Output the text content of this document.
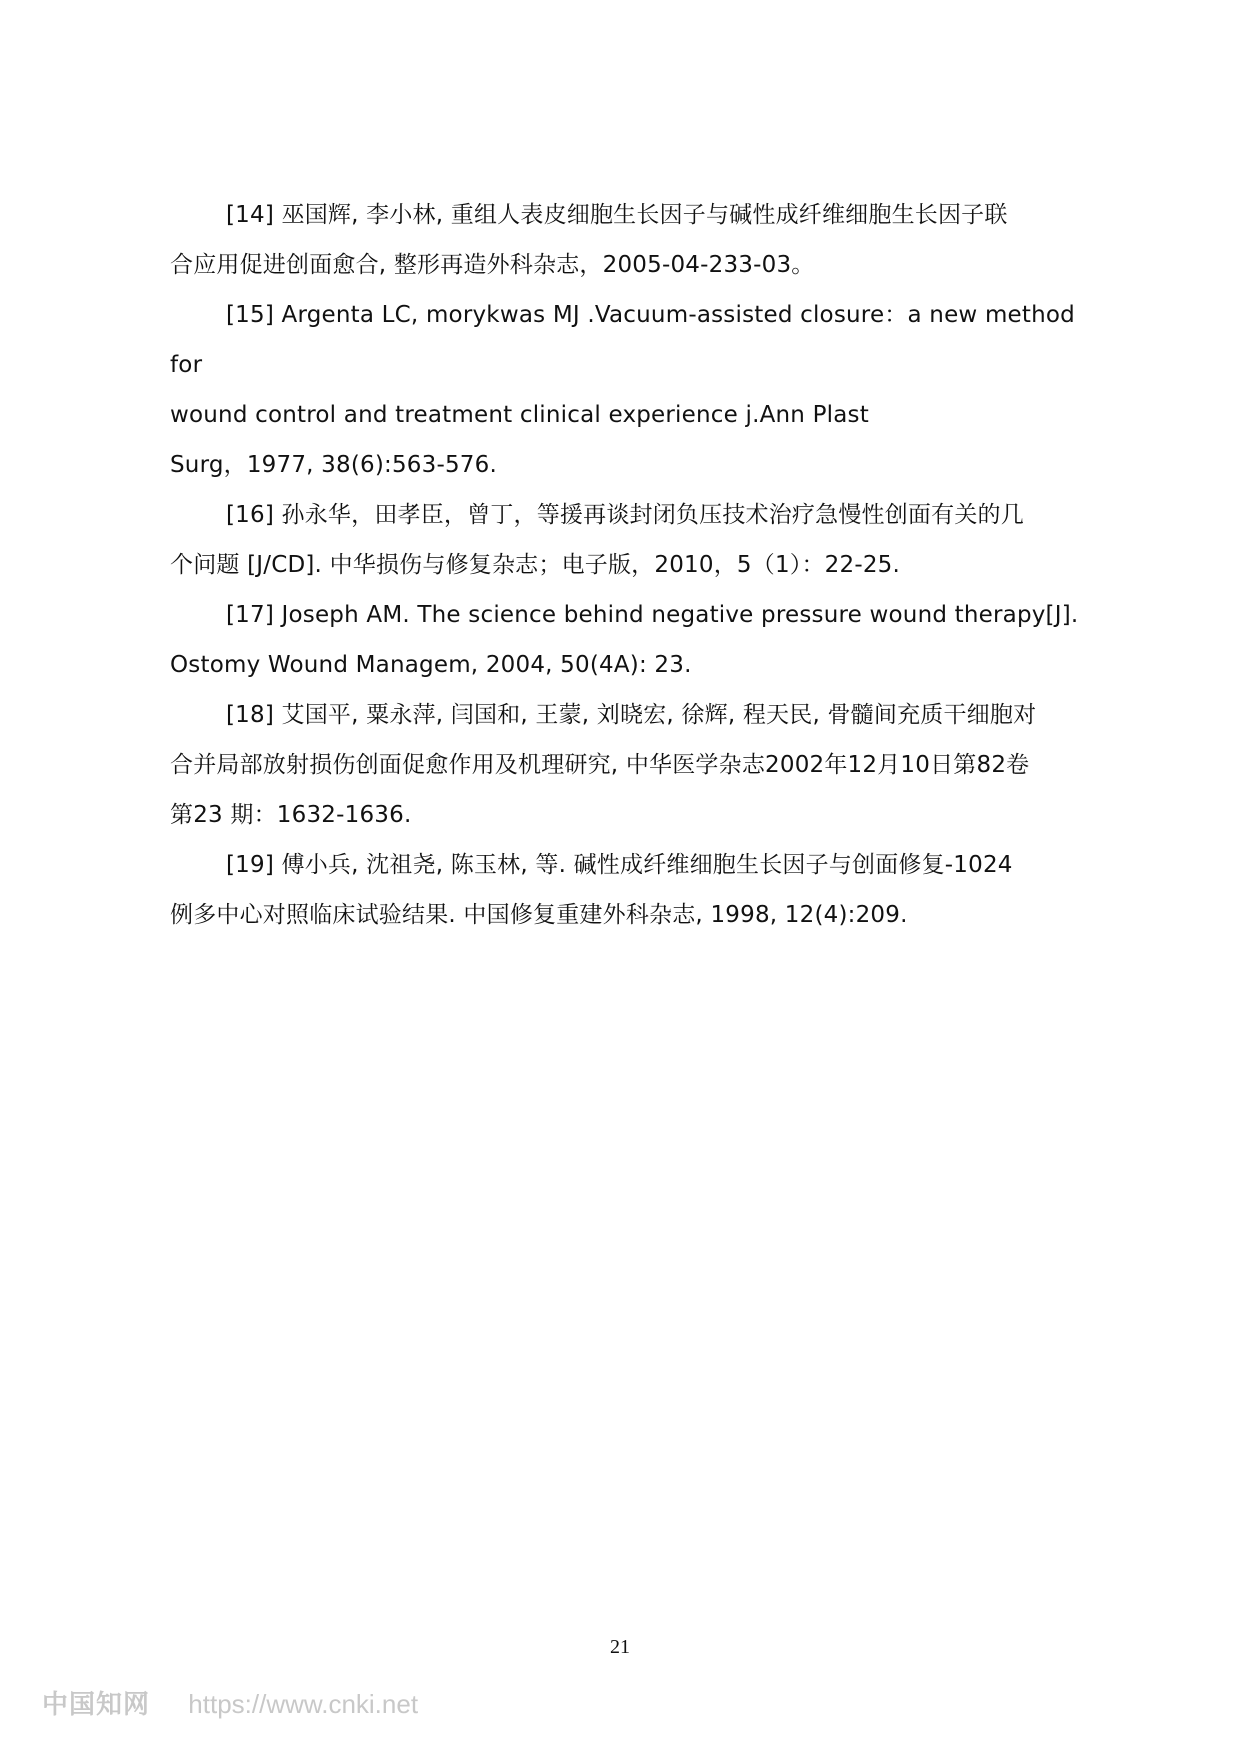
[14] 巫国辉, 李小林, 重组人表皮细胞生长因子与碱性成纤维细胞生长因子联
合应用促进创面愈合, 整形再造外科杂志，2005-04-233-03。

[15] Argenta LC, morykwas MJ .Vacuum-assisted closure：a new method for
wound control and treatment clinical experience j.Ann Plast
Surg，1977, 38(6):563-576.

[16] 孙永华，田孝臣，曾丁，等援再谈封闭负压技术治疗急慢性创面有关的几
个问题 [J/CD]. 中华损伤与修复杂志；电子版，2010，5（1）：22-25.

[17] Joseph AM. The science behind negative pressure wound therapy[J].
Ostomy Wound Managem, 2004, 50(4A): 23.

[18] 艾国平, 粟永萍, 闫国和, 王蒙, 刘晓宏, 徐辉, 程天民, 骨髓间充质干细胞对
合并局部放射损伤创面促愈作用及机理研究, 中华医学杂志2002年12月10日第82卷
第23 期：1632-1636.

[19] 傅小兵, 沈祖尧, 陈玉林, 等. 碱性成纤维细胞生长因子与创面修复-1024
例多中心对照临床试验结果. 中国修复重建外科杂志, 1998, 12(4):209.

21
中国知网 https://www.cnki.net
